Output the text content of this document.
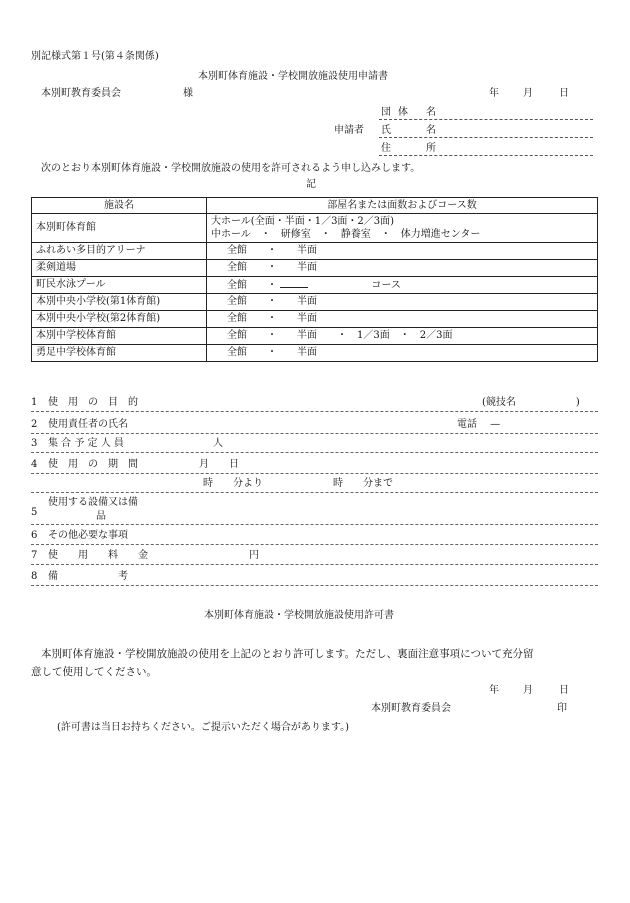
別記様式第１号(第４条関係)
本別町体育施設・学校開放施設使用申請書
本別町教育委員会	様	年 月	日
申請者
団 体 名
氏	名
住	所
次のとおり本別町体育施設・学校開放施設の使用を許可されるよう申し込みします。
記
施設名	部屋名または面数およびコース数
本別町体育館	大ホール(全面・半面・1／3面・2／3面)
中ホール　・　研修室　・　静養室　・　体力増進センター

ふれあい多目的アリーナ	全館　　・　　半面
柔剣道場	全館　　・　　半面
町民水泳プール	全館　　・ コース
本別中央小学校(第1体育館)	全館　　・　　半面
本別中央小学校(第2体育館)	全館　　・　　半面
本別中学校体育館	全館　　・　　半面　　・　1／3面　・　2／3面
勇足中学校体育館	全館　　・　　半面
1 使　用　の　目　的	(競技名　　　　　　)
2 使用責任者の氏名	電話　 —
3 集 合 予 定 人 員	人
4 使　用　の　期　間	月　　日
時　　分より　　　　　　　時　　分まで
5
使用する設備又は備
品
6 その他必要な事項
7 使　　用　　料　　金	円
8 備　　　　　　考
本別町体育施設・学校開放施設使用許可書
本別町体育施設・学校開放施設の使用を上記のとおり許可します。ただし、裏面注意事項について充分留
意して使用してください。
年 月	日
本別町教育委員会	印
(許可書は当日お持ちください。ご提示いただく場合があります。)
